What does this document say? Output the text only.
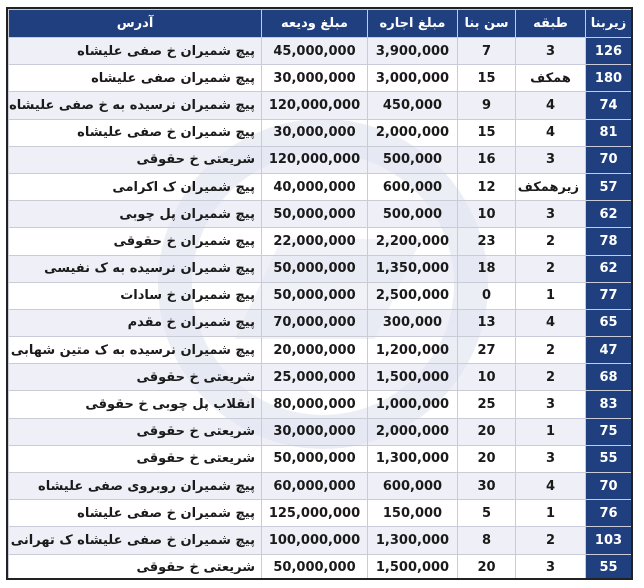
زیربنا	طبقه	سن بنا	مبلغ اجاره	مبلغ ودیعه	آدرس
126	3	7	3,900,000	45,000,000	پیچ شمیران خ صفی علیشاه
180	همکف	15	3,000,000	30,000,000	پیچ شمیران صفی علیشاه
74	4	9	450,000	120,000,000	پیچ شمیران نرسیده به خ صفی علیشاه
81	4	15	2,000,000	30,000,000	پیچ شمیران خ صفی علیشاه
70	3	16	500,000	120,000,000	شریعتی خ حقوقی
57	زیرهمکف	12	600,000	40,000,000	پیچ شمیران ک اکرامی
62	3	10	500,000	50,000,000	پیچ شمیران پل چوبی
78	2	23	2,200,000	22,000,000	پیچ شمیران خ حقوقی
62	2	18	1,350,000	50,000,000	پیچ شمیران نرسیده به ک نفیسی
77	1	0	2,500,000	50,000,000	پیچ شمیران خ سادات
65	4	13	300,000	70,000,000	پیچ شمیران خ مقدم
47	2	27	1,200,000	20,000,000	پیچ شمیران نرسیده به ک متین شهابی
68	2	10	1,500,000	25,000,000	شریعتی خ حقوقی
83	3	25	1,000,000	80,000,000	انقلاب پل چوبی خ حقوقی
75	1	20	2,000,000	30,000,000	شریعتی خ حقوقی
55	3	20	1,300,000	50,000,000	شریعتی خ حقوقی
70	4	30	600,000	60,000,000	پیچ شمیران روبروی صفی علیشاه
76	1	5	150,000	125,000,000	پیچ شمیران خ صفی علیشاه
103	2	8	1,300,000	100,000,000	پیچ شمیران خ صفی علیشاه ک تهرانی
55	3	20	1,500,000	50,000,000	شریعتی خ حقوقی
